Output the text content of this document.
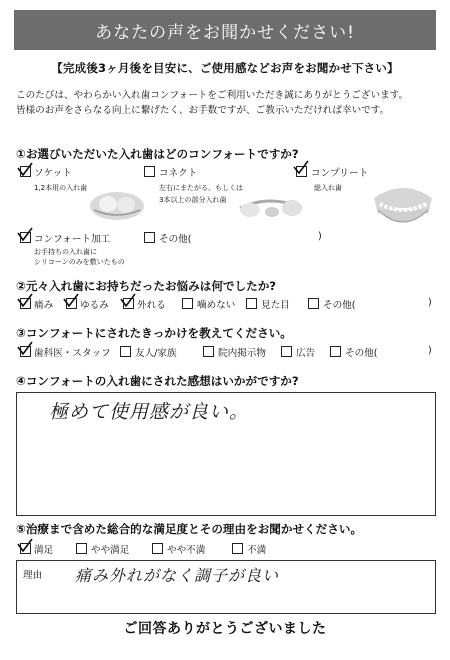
あなたの声をお聞かせください!
【完成後3ヶ月後を目安に、ご使用感などお声をお聞かせ下さい】
このたびは、やわらかい入れ歯コンフォートをご利用いただき誠にありがとうございます。
皆様のお声をさらなる向上に繋げたく、お手数ですが、ご教示いただければ幸いです。
①お選びいただいた入れ歯はどのコンフォートですか?
ソケット
1,2本用の入れ歯
コネクト
左右にまたがる、もしくは
3本以上の部分入れ歯
コンプリート
総入れ歯
コンフォート加工
お手持ちの入れ歯に
シリコーンのみを敷いたもの
その他(	)
②元々入れ歯にお持ちだったお悩みは何でしたか?
痛み	ゆるみ	外れる	噛めない	見た目	その他(	)
③コンフォートにされたきっかけを教えてください。
歯科医・スタッフ	友人/家族	院内掲示物	広告	その他(	)
④コンフォートの入れ歯にされた感想はいかがですか?
極めて使用感が良い。
⑤治療まで含めた総合的な満足度とその理由をお聞かせください。
満足	やや満足	やや不満	不満
理由 痛み外れがなく調子が良い
ご回答ありがとうございました
